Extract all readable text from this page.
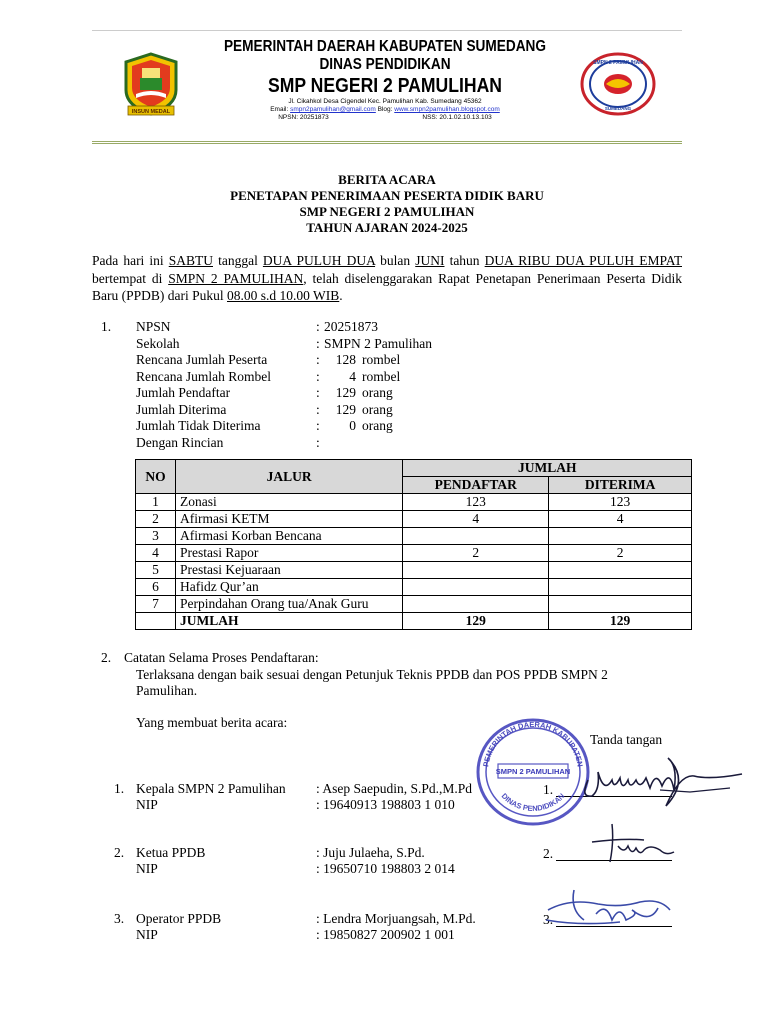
INSUN MEDAL
PEMERINTAH DAERAH KABUPATEN SUMEDANG
DINAS PENDIDIKAN
SMP NEGERI 2 PAMULIHAN
Jl. Cikahkol Desa Cigendel Kec. Pamulihan Kab. Sumedang 45362
Email: smpn2pamulihan@gmail.com Blog: www.smpn2pamulihan.blogspot.com
NPSN: 20251873	NSS: 20.1.02.10.13.103
SMPN 2 PAMULIHAN
SUMEDANG
BERITA ACARA
PENETAPAN PENERIMAAN PESERTA DIDIK BARU
SMP NEGERI 2 PAMULIHAN
TAHUN AJARAN 2024-2025
Pada hari ini SABTU tanggal DUA PULUH DUA bulan JUNI tahun DUA RIBU DUA PULUH EMPAT bertempat di SMPN 2 PAMULIHAN, telah diselenggarakan Rapat Penetapan Penerimaan Peserta Didik Baru (PPDB) dari Pukul 08.00 s.d 10.00 WIB.
1. NPSN	: 20251873
Sekolah	: SMPN 2 Pamulihan
Rencana Jumlah Peserta	:	128 rombel
Rencana Jumlah Rombel	:	4 rombel
Jumlah Pendaftar	:	129 orang
Jumlah Diterima	:	129 orang
Jumlah Tidak Diterima	:	0 orang
Dengan Rincian	:
NO	JALUR	JUMLAH	
		PENDAFTAR	DITERIMA
1	Zonasi	123	123
2	Afirmasi KETM	4	4
3	Afirmasi Korban Bencana		
4	Prestasi Rapor	2	2
5	Prestasi Kejuaraan		
6	Hafidz Qur’an		
7	Perpindahan Orang tua/Anak Guru		
	JUMLAH	129	129
2. Catatan Selama Proses Pendaftaran:
Terlaksana dengan baik sesuai dengan Petunjuk Teknis PPDB dan POS PPDB SMPN 2
Pamulihan.
Yang membuat berita acara:
Tanda tangan
1. Kepala SMPN 2 Pamulihan : Asep Saepudin, S.Pd.,M.Pd
NIP	: 19640913 198803 1 010
1.
2. Ketua PPDB	: Juju Julaeha, S.Pd.
NIP	: 19650710 198803 2 014
2.
3. Operator PPDB	: Lendra Morjuangsah, M.Pd.
NIP	: 19850827 200902 1 001
3.
PEMERINTAH DAERAH KABUPATEN
SMPN 2 PAMULIHAN
DINAS PENDIDIKAN
